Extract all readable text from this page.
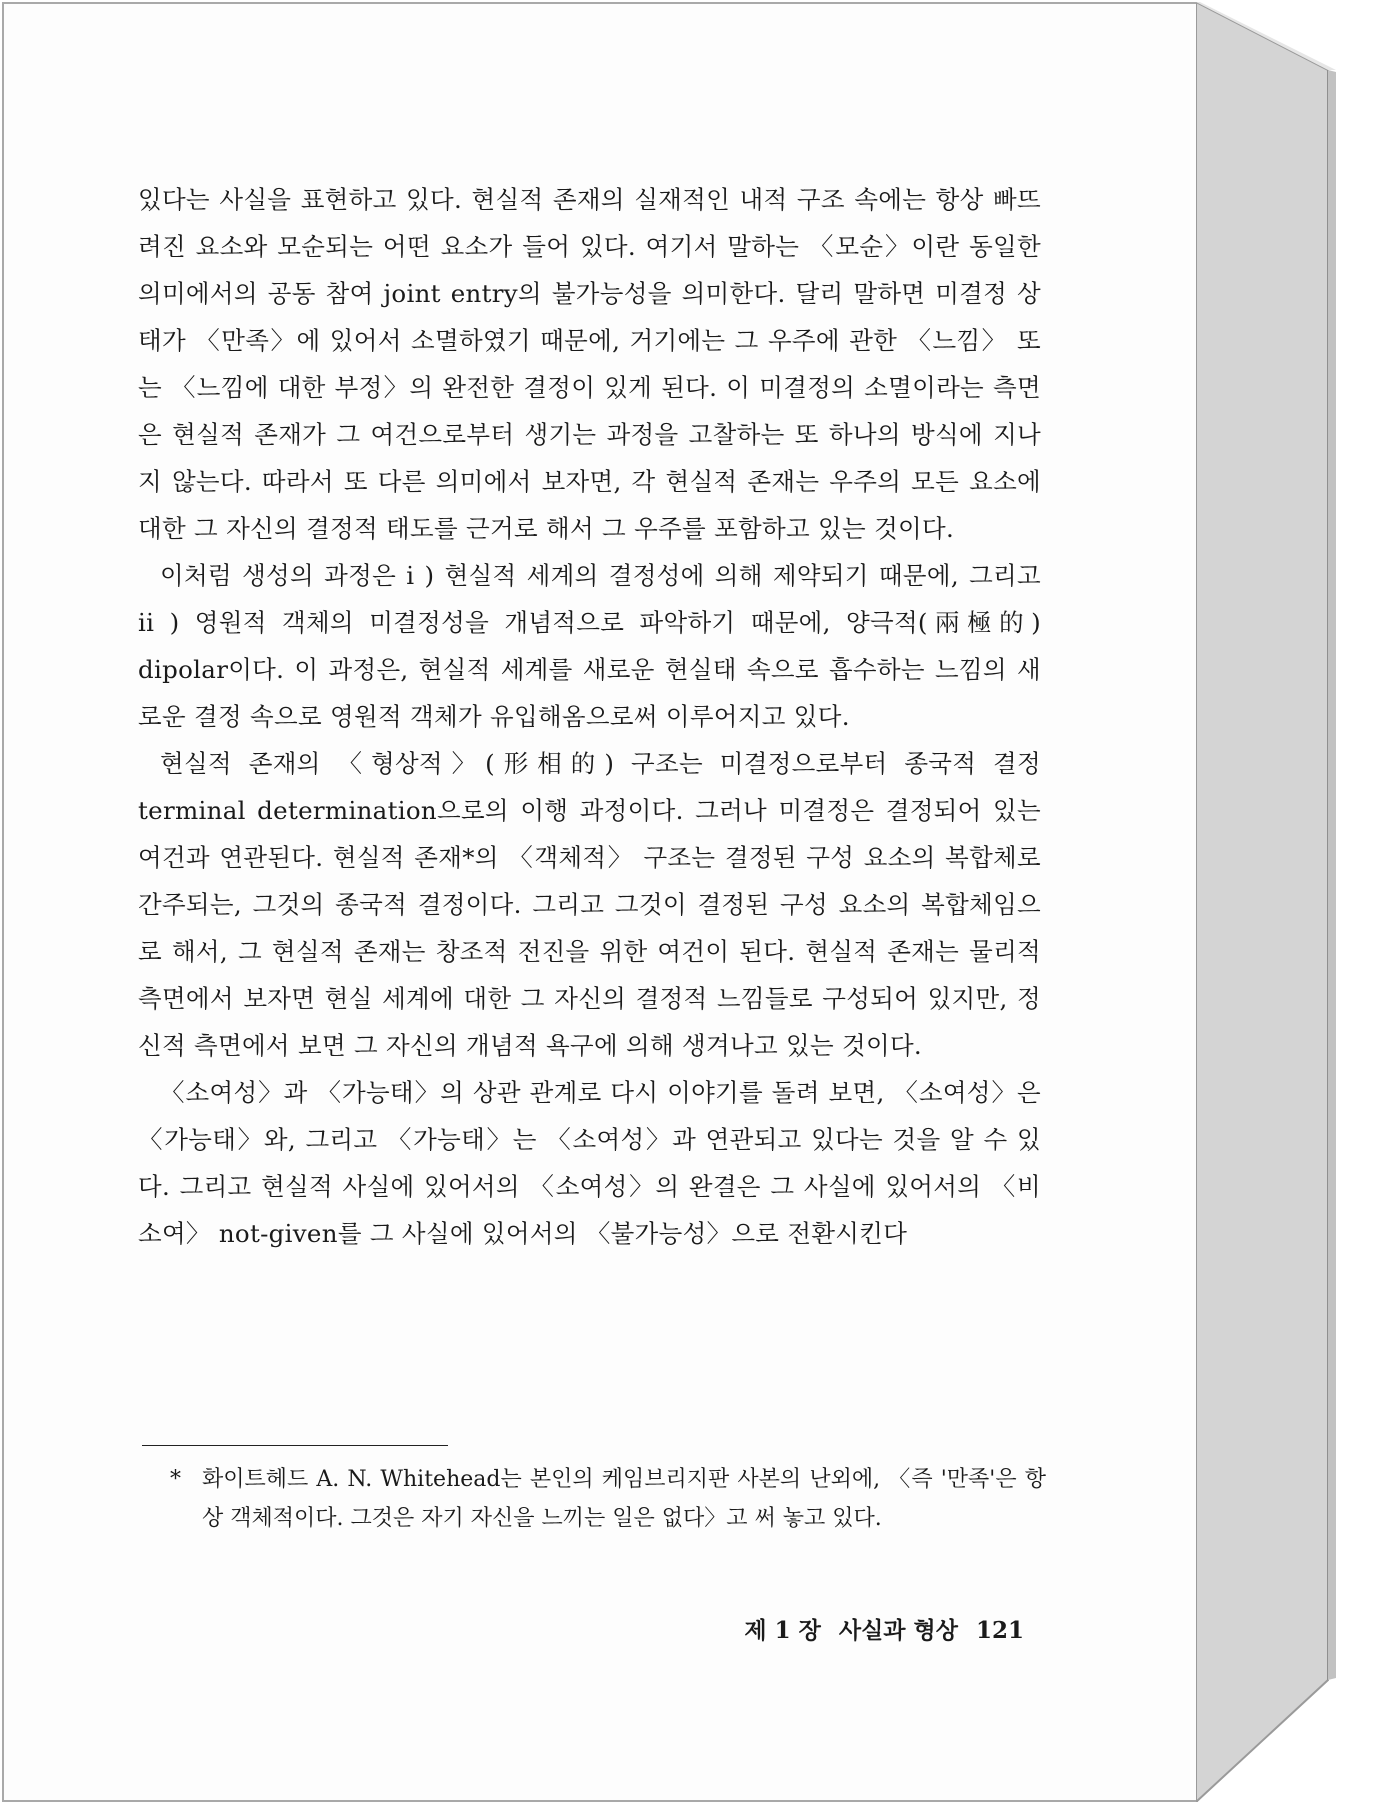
있다는 사실을 표현하고 있다. 현실적 존재의 실재적인 내적 구조 속에는 항상 빠뜨려진 요소와 모순되는 어떤 요소가 들어 있다. 여기서 말하는 〈모순〉이란 동일한 의미에서의 공동 참여 joint entry의 불가능성을 의미한다. 달리 말하면 미결정 상태가 〈만족〉에 있어서 소멸하였기 때문에, 거기에는 그 우주에 관한 〈느낌〉 또는 〈느낌에 대한 부정〉의 완전한 결정이 있게 된다. 이 미결정의 소멸이라는 측면은 현실적 존재가 그 여건으로부터 생기는 과정을 고찰하는 또 하나의 방식에 지나지 않는다. 따라서 또 다른 의미에서 보자면, 각 현실적 존재는 우주의 모든 요소에 대한 그 자신의 결정적 태도를 근거로 해서 그 우주를 포함하고 있는 것이다.

이처럼 생성의 과정은 i ) 현실적 세계의 결정성에 의해 제약되기 때문에, 그리고 ii ) 영원적 객체의 미결정성을 개념적으로 파악하기 때문에, 양극적(兩極的) dipolar이다. 이 과정은, 현실적 세계를 새로운 현실태 속으로 흡수하는 느낌의 새로운 결정 속으로 영원적 객체가 유입해옴으로써 이루어지고 있다.

현실적 존재의 〈형상적〉(形相的) 구조는 미결정으로부터 종국적 결정 terminal determination으로의 이행 과정이다. 그러나 미결정은 결정되어 있는 여건과 연관된다. 현실적 존재*의 〈객체적〉 구조는 결정된 구성 요소의 복합체로 간주되는, 그것의 종국적 결정이다. 그리고 그것이 결정된 구성 요소의 복합체임으로 해서, 그 현실적 존재는 창조적 전진을 위한 여건이 된다. 현실적 존재는 물리적 측면에서 보자면 현실 세계에 대한 그 자신의 결정적 느낌들로 구성되어 있지만, 정신적 측면에서 보면 그 자신의 개념적 욕구에 의해 생겨나고 있는 것이다.

〈소여성〉과 〈가능태〉의 상관 관계로 다시 이야기를 돌려 보면, 〈소여성〉은 〈가능태〉와, 그리고 〈가능태〉는 〈소여성〉과 연관되고 있다는 것을 알 수 있다. 그리고 현실적 사실에 있어서의 〈소여성〉의 완결은 그 사실에 있어서의 〈비소여〉 not-given를 그 사실에 있어서의 〈불가능성〉으로 전환시킨다

* 화이트헤드 A. N. Whitehead는 본인의 케임브리지판 사본의 난외에, 〈즉 '만족'은 항상 객체적이다. 그것은 자기 자신을 느끼는 일은 없다〉고 써 놓고 있다.
제 1 장 사실과 형상 121
